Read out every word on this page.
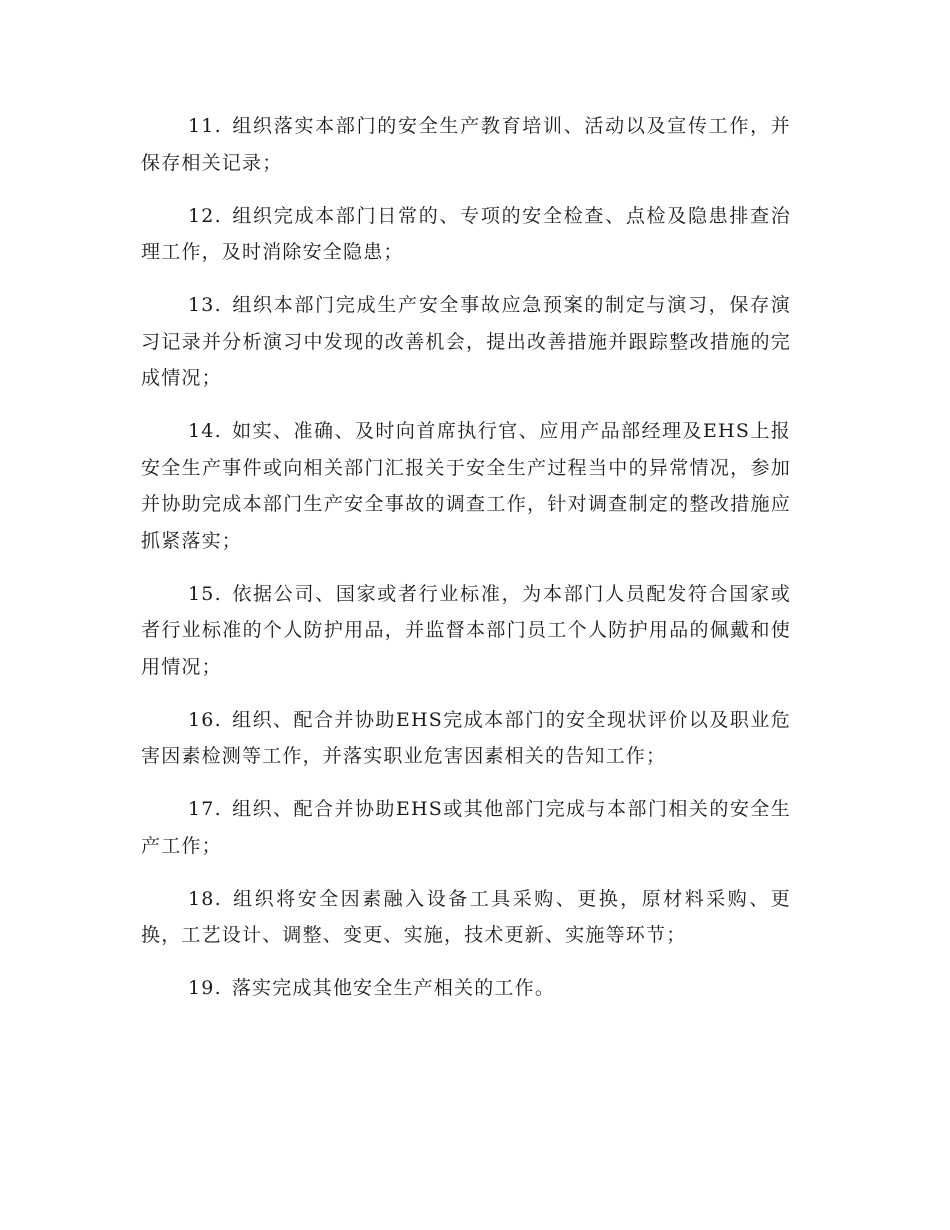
11. 组织落实本部门的安全生产教育培训、活动以及宣传工作，并保存相关记录；

12. 组织完成本部门日常的、专项的安全检查、点检及隐患排查治理工作，及时消除安全隐患；

13. 组织本部门完成生产安全事故应急预案的制定与演习，保存演习记录并分析演习中发现的改善机会，提出改善措施并跟踪整改措施的完成情况；

14. 如实、准确、及时向首席执行官、应用产品部经理及EHS上报安全生产事件或向相关部门汇报关于安全生产过程当中的异常情况，参加并协助完成本部门生产安全事故的调查工作，针对调查制定的整改措施应抓紧落实；

15. 依据公司、国家或者行业标准，为本部门人员配发符合国家或者行业标准的个人防护用品，并监督本部门员工个人防护用品的佩戴和使用情况；

16. 组织、配合并协助EHS完成本部门的安全现状评价以及职业危害因素检测等工作，并落实职业危害因素相关的告知工作；

17. 组织、配合并协助EHS或其他部门完成与本部门相关的安全生产工作；

18. 组织将安全因素融入设备工具采购、更换，原材料采购、更换，工艺设计、调整、变更、实施，技术更新、实施等环节；

19. 落实完成其他安全生产相关的工作。
